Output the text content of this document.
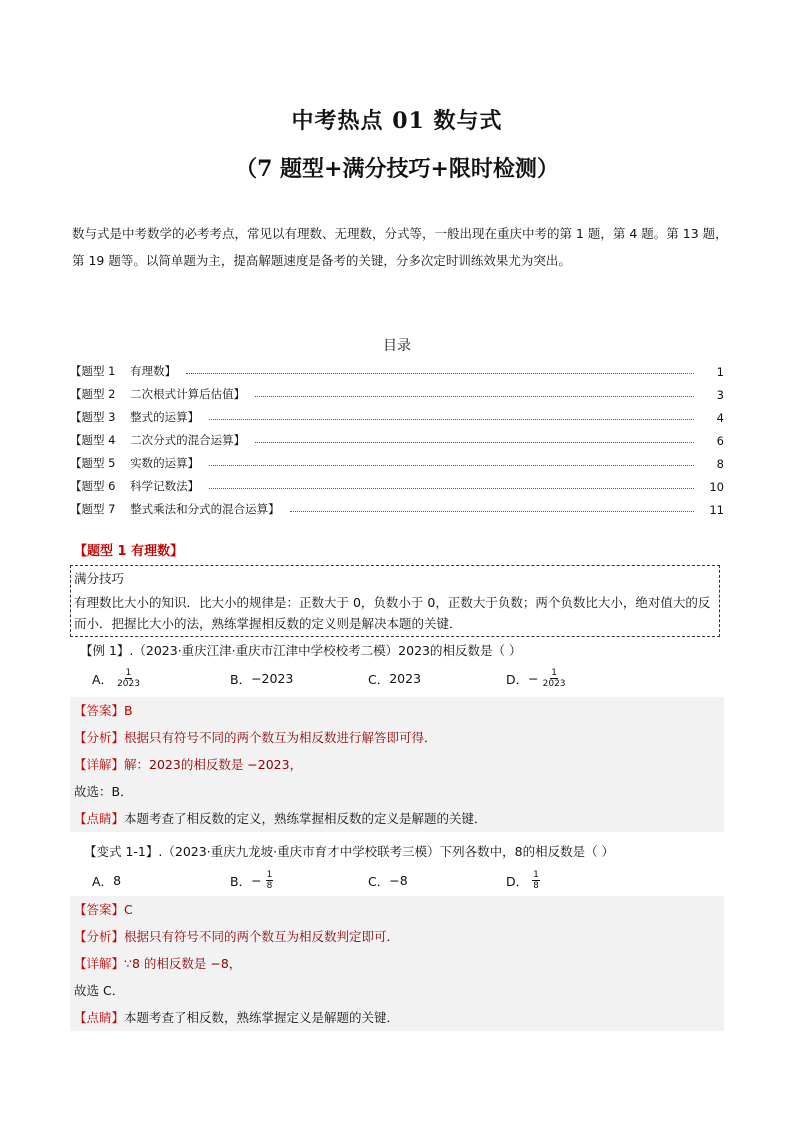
中考热点 01 数与式
（7 题型+满分技巧+限时检测）
数与式是中考数学的必考考点，常见以有理数、无理数，分式等，一般出现在重庆中考的第 1 题，第 4 题。第 13 题，第 19 题等。以简单题为主，提高解题速度是备考的关键，分多次定时训练效果尤为突出。
目录
【题型 1    有理数】	1
【题型 2    二次根式计算后估值】	3
【题型 3    整式的运算】	4
【题型 4    二次分式的混合运算】	6
【题型 5    实数的运算】	8
【题型 6    科学记数法】	10
【题型 7    整式乘法和分式的混合运算】	11
【题型 1 有理数】
满分技巧
有理数比大小的知识．比大小的规律是：正数大于 0，负数小于 0，正数大于负数；两个负数比大小，绝对值大的反而小．把握比大小的法，熟练掌握相反数的定义则是解决本题的关键．
【例 1】.（2023·重庆江津·重庆市江津中学校校考二模）2023的相反数是（ ）
A． $\frac{1}{2023}$	B． −2023	C． 2023	D． − $\frac{1}{2023}$
【答案】B
【分析】根据只有符号不同的两个数互为相反数进行解答即可得．
【详解】解：2023的相反数是 −2023，
故选：B．
【点睛】本题考查了相反数的定义，熟练掌握相反数的定义是解题的关键．
【变式 1-1】.（2023·重庆九龙坡·重庆市育才中学校联考三模）下列各数中，8的相反数是（ ）
A． 8	B． − $\frac{1}{8}$	C． −8	D． $\frac{1}{8}$
【答案】C
【分析】根据只有符号不同的两个数互为相反数判定即可．
【详解】∵8 的相反数是 −8，
故选 C．
【点睛】本题考查了相反数，熟练掌握定义是解题的关键．
